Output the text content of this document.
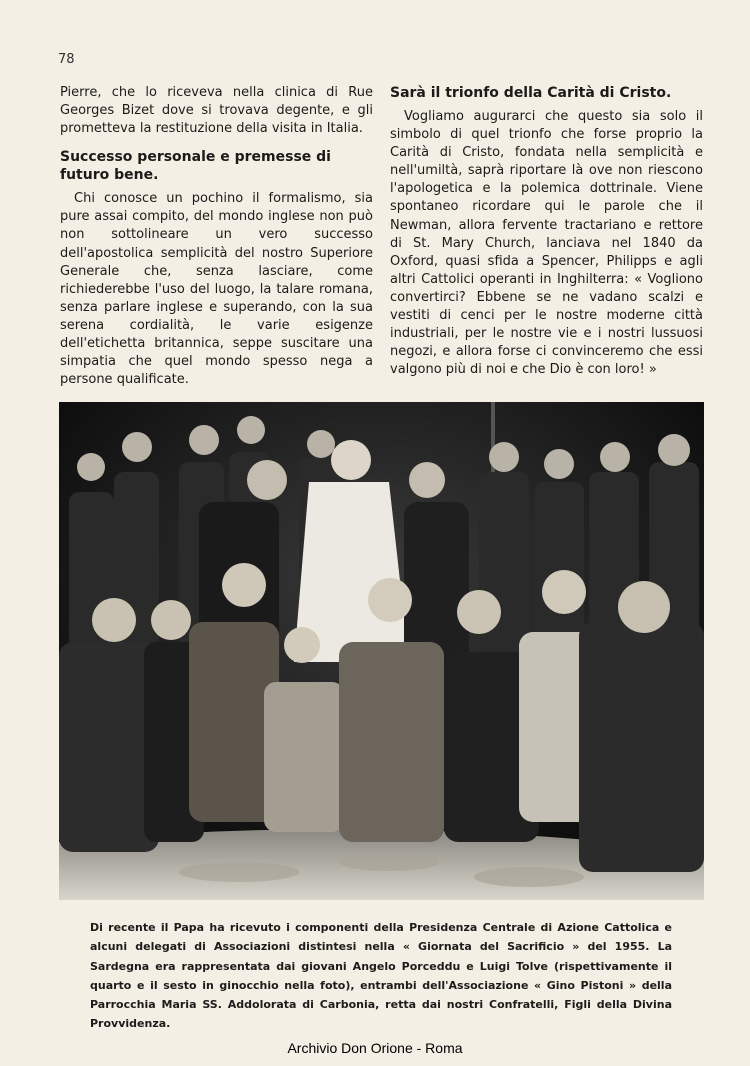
78

Pierre, che lo riceveva nella clinica di Rue Georges Bizet dove si trovava degente, e gli prometteva la restituzione della visita in Italia.

Successo personale e premesse di futuro bene.

Chi conosce un pochino il formalismo, sia pure assai compito, del mondo inglese non può non sottolineare un vero successo dell'apostolica semplicità del nostro Superiore Generale che, senza lasciare, come richiederebbe l'uso del luogo, la talare romana, senza parlare inglese e superando, con la sua serena cordialità, le varie esigenze dell'etichetta britannica, seppe suscitare una simpatia che quel mondo spesso nega a persone qualificate.

Sarà il trionfo della Carità di Cristo.

Vogliamo augurarci che questo sia solo il simbolo di quel trionfo che forse proprio la Carità di Cristo, fondata nella semplicità e nell'umiltà, saprà riportare là ove non riescono l'apologetica e la polemica dottrinale. Viene spontaneo ricordare qui le parole che il Newman, allora fervente tractariano e rettore di St. Mary Church, lanciava nel 1840 da Oxford, quasi sfida a Spencer, Philipps e agli altri Cattolici operanti in Inghilterra: « Vogliono convertirci? Ebbene se ne vadano scalzi e vestiti di cenci per le nostre moderne città industriali, per le nostre vie e i nostri lussuosi negozi, e allora forse ci convinceremo che essi valgono più di noi e che Dio è con loro! »

Di recente il Papa ha ricevuto i componenti della Presidenza Centrale di Azione Cattolica e alcuni delegati di Associazioni distintesi nella « Giornata del Sacrificio » del 1955. La Sardegna era rappresentata dai giovani Angelo Porceddu e Luigi Tolve (rispettivamente il quarto e il sesto in ginocchio nella foto), entrambi dell'Associazione « Gino Pistoni » della Parrocchia Maria SS. Addolorata di Carbonia, retta dai nostri Confratelli, Figli della Divina Provvidenza.
Archivio Don Orione - Roma
